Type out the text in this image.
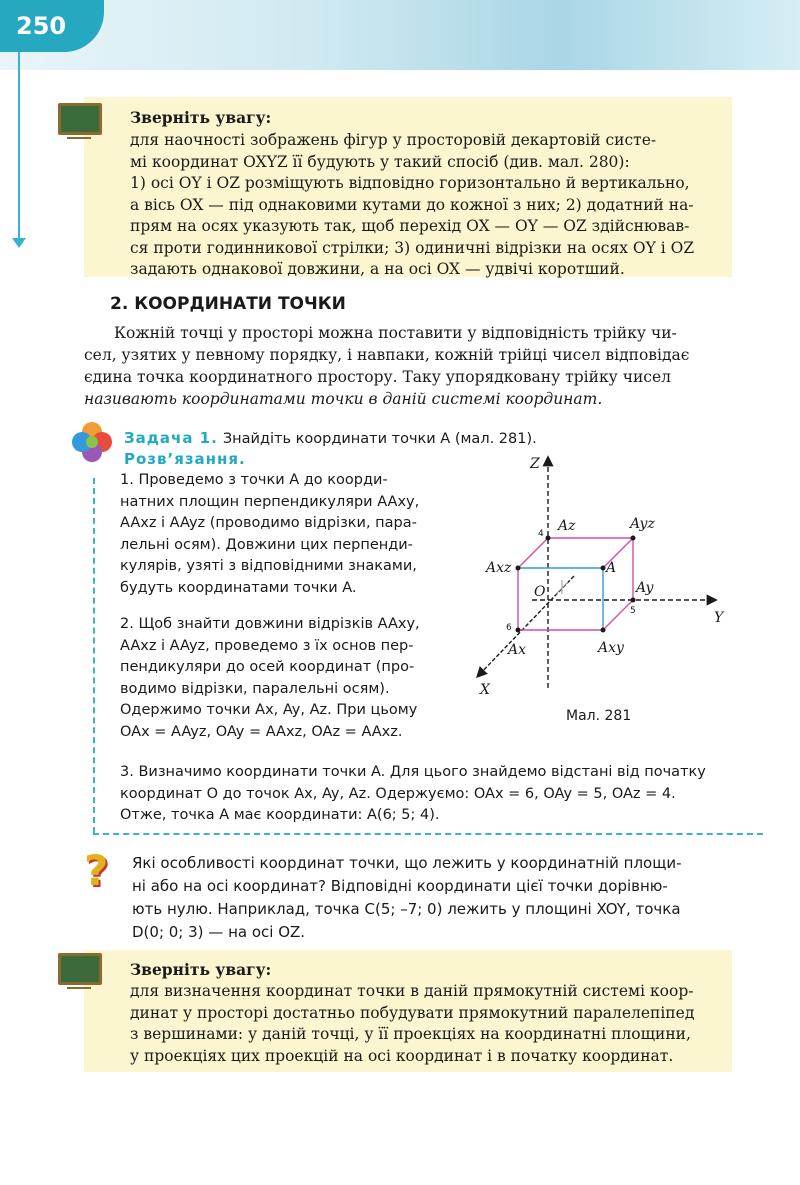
250
Зверніть увагу:
для наочності зображень фігур у просторовій декартовій систе-
мі координат OXYZ її будують у такий спосіб (див. мал. 280):
1) осі OY і OZ розміщують відповідно горизонтально й вертикально,
а вісь OX — під однаковими кутами до кожної з них; 2) додатний на-
прям на осях указують так, щоб перехід OX — OY — OZ здійснював-
ся проти годинникової стрілки; 3) одиничні відрізки на осях OY і OZ
задають однакової довжини, а на осі OX — удвічі коротший.
2. КООРДИНАТИ ТОЧКИ
Кожній точці у просторі можна поставити у відповідність трійку чи-
сел, узятих у певному порядку, і навпаки, кожній трійці чисел відповідає
єдина точка координатного простору. Таку упорядковану трійку чисел
називають координатами точки в даній системі координат.
Задача 1. Знайдіть координати точки A (мал. 281).
Розв’язання.
1. Проведемо з точки A до коорди-
натних площин перпендикуляри AAxy,
AAxz і AAyz (проводимо відрізки, пара-
лельні осям). Довжини цих перпенди-
кулярів, узяті з відповідними знаками,
будуть координатами точки A.
2. Щоб знайти довжини відрізків AAxy,
AAxz і AAyz, проведемо з їх основ пер-
пендикуляри до осей координат (про-
водимо відрізки, паралельні осям).
Одержимо точки Ax, Ay, Az. При цьому
OAx = AAyz, OAy = AAxz, OAz = AAxz.
3. Визначимо координати точки A. Для цього знайдемо відстані від початку
координат O до точок Ax, Ay, Az. Одержуємо: OAx = 6, OAy = 5, OAz = 4.
Отже, точка A має координати: A(6; 5; 4).
Z
Y
X
O
Az	Ayz
Axz	A
Ay
Ax	Axy
4
5
6
Мал. 281
? Які особливості координат точки, що лежить у координатній площи-
ні або на осі координат? Відповідні координати цієї точки дорівню-
ють нулю. Наприклад, точка C(5; –7; 0) лежить у площині XOY, точка
D(0; 0; 3) — на осі OZ.
Зверніть увагу:
для визначення координат точки в даній прямокутній системі коор-
динат у просторі достатньо побудувати прямокутний паралелепіпед
з вершинами: у даній точці, у її проекціях на координатні площини,
у проекціях цих проекцій на осі координат і в початку координат.
